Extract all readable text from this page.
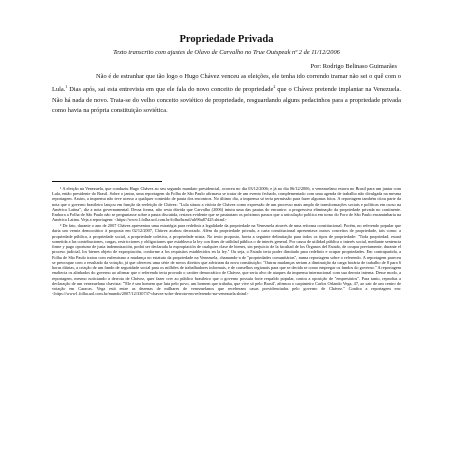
Propriedade Privada

Texto transcrito com ajustes de Olavo de Carvalho no True Outspeak nº 2 de 11/12/2006

Por: Rodrigo Belinaso Guimarães

Não é de estranhar que tão logo o Hugo Chávez venceu as eleições, ele tenha ido correndo tramar não sei o quê com o Lula.$^1$ Dias após, sai esta entrevista em que ele fala do novo conceito de propriedade$^2$ que o Chávez pretende implantar na Venezuela. Não há nada de novo. Trata-se do velho conceito soviético de propriedade, resguardando alguns pedacinhos para a propriedade privada como havia na própria constituição soviética.

¹ A eleição na Venezuela, que conduziu Hugo Chávez ao seu segundo mandato presidencial, ocorreu no dia 03/12/2006; e já no dia 06/12/2006, o venezuelano estava no Brasil para um jantar com Lula, então presidente do Brasil. Sobre o jantar, uma reportagem da Folha de São Paulo afirmava se tratar de um evento fechado, complementado com uma agenda de trabalho não divulgada na mesma reportagem. Assim, a imprensa não teve acesso a qualquer conteúdo de pauta dos encontros. No último dia, a imprensa só teria permissão para fazer algumas fotos. A reportagem também citou parte da nota que o governo brasileiro lançou em função da reeleição de Chávez: "Lula situou a vitória de Chávez como expressão de um processo mais amplo de transformações sociais e políticas em curso na América Latina", diz a nota governamental. Dessa forma, não resta dúvida que Carvalho (2006) intuiu uma das pautas do encontro: a progressiva eliminação da propriedade privada no continente. Embora a Folha de São Paulo não se perguntasse sobre a pauta discutida, restava evidente que se pautariam os próximos passos que a articulação política em torno do Foro de São Paulo encaminharia na América Latina. Veja a reportagem: <https://www1.folha.uol.com.br/folha/brasil/ult96u87425.shtml>

² De fato, durante o ano de 2007 Chávez apresentou uma estratégia para redefinir a legalidade da propriedade na Venezuela através de uma reforma constitucional. Porém, no referendo popular que daria um verniz democrático à proposta em 02/12/2007, Chávez acabou derrotado. Além da propriedade privada, a carta constitucional apresentava outros conceitos de propriedade, tais como: a propriedade pública, a propriedade social, a propriedade coletiva, a propriedade mista. No texto proposto, havia a seguinte delimitação para todos os tipos de propriedade: "Toda propriedad, estará sometida a las contribuciones, cargas, restricciones y obligaciones que establezca la ley con fines de utilidad pública o de interés general. Por causa de utilidad pública o interés social, mediante sentencia firme y pago oportuno de justa indemnización, podrá ser declarada la expropiación de cualquier clase de bienes, sin perjuicio de la facultad de los Órganos del Estado, de ocupar previamente, durante el proceso judicial, los bienes objeto de expropiación, conforme a los requisitos establecidos en la ley." Ou seja, o Estado teria poder ilimitado para redefinir e ocupar propriedades. Em contrapartida, a Folha de São Paulo tratou com eufemismo a mudança no estatuto da propriedade na Venezuela, chamando-a de "propriedades comunitárias", numa reportagem sobre o referendo. A reportagem pareceu se preocupar com o resultado da votação, já que ofereceu uma série de novos direitos que adviriam da nova constituição: "Outras mudanças seriam a diminuição da carga horária de trabalho de 8 para 6 horas diárias, a criação de um fundo de seguridade social para os milhões de trabalhadores informais, e de conselhos regionais para que se decida se como empregar os fundos do governo." A reportagem enaltecia os alinhados do governo ao afirmar que o referendo teria provado o caráter democrático de Chávez, que seria alvo de ataques da imprensa internacional com sua derrota interna. Desse modo, a reportagem, mesmo noticiando a derrota de Chávez, quer fazer crer ao público brasileiro que o governo possuía forte respaldo popular, contra a oposição de "empresários". Para tanto, reproduz a declaração de um venezuelano chavista: "'Ele é um homem que luta pelo povo, um homem que trabaha, que vive só pelo Brasil', afirmou o carpinteiro Carlos Orlando Vega, 47, ao sair de um centro de votação em Caracas. Vega está entre as dezenas de milhares de venezuelanos que receberam casas providenciadas pelo governo de Chávez." Confira a reportagem em: <https://www1.folha.uol.com.br/mundo/2007/12/330737-chavez-sofre-derrota-em-referendo-na-venezuela.shtml>
